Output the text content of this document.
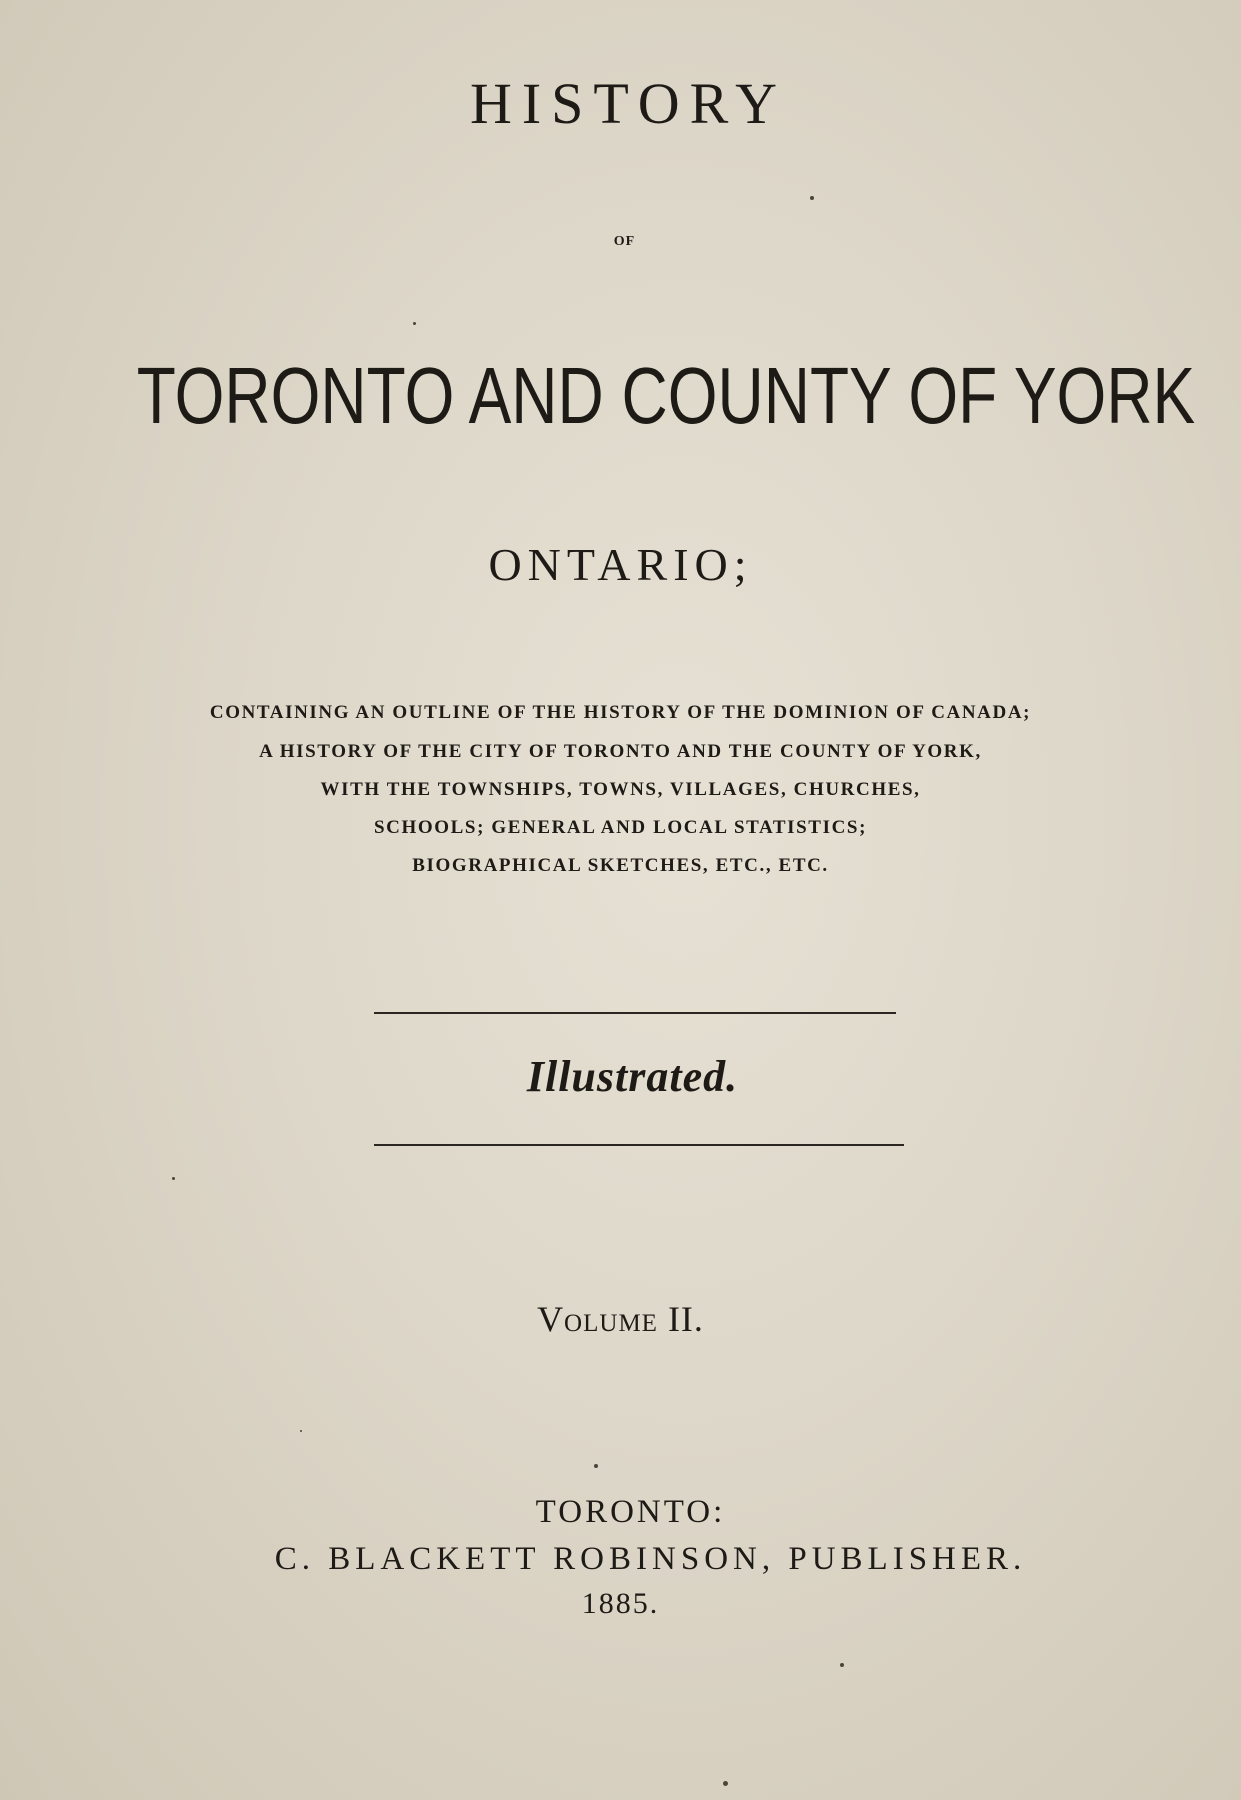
HISTORY
OF
TORONTO AND COUNTY OF YORK
ONTARIO;
CONTAINING AN OUTLINE OF THE HISTORY OF THE DOMINION OF CANADA;
A HISTORY OF THE CITY OF TORONTO AND THE COUNTY OF YORK,
WITH THE TOWNSHIPS, TOWNS, VILLAGES, CHURCHES,
SCHOOLS; GENERAL AND LOCAL STATISTICS;
BIOGRAPHICAL SKETCHES, ETC., ETC.
Illustrated.
Volume II.
TORONTO:
C. BLACKETT ROBINSON, PUBLISHER.
1885.
